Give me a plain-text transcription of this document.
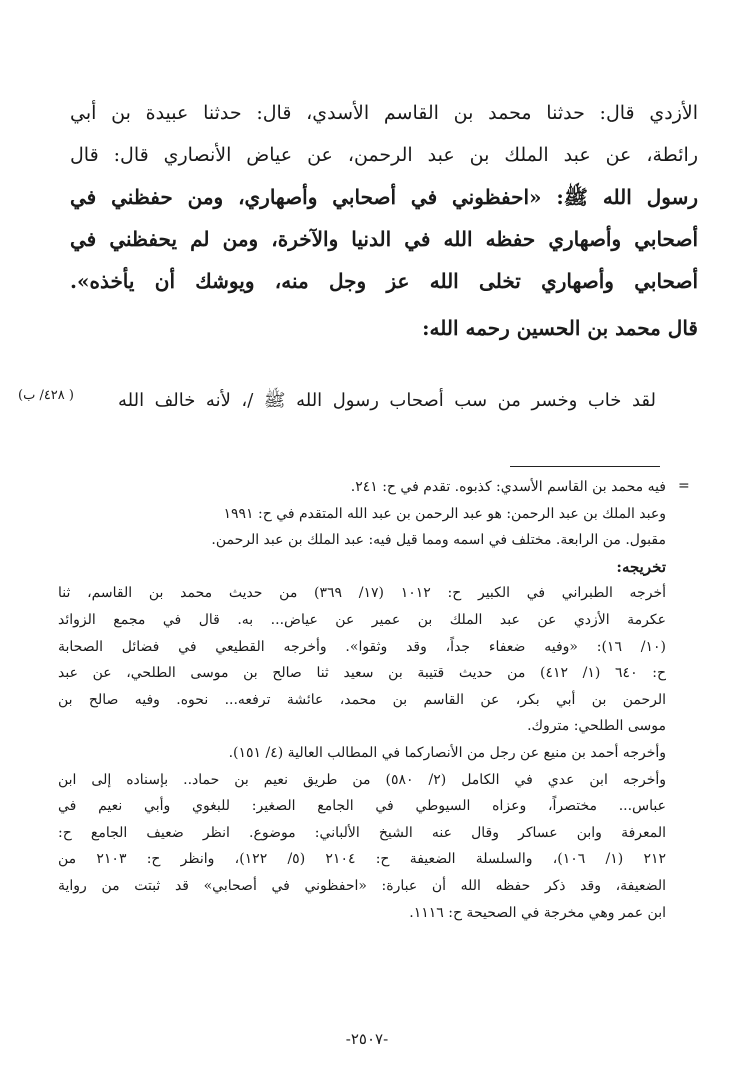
الأزدي قال: حدثنا محمد بن القاسم الأسدي، قال: حدثنا عبيدة بن أبي
رائطة، عن عبد الملك بن عبد الرحمن، عن عياض الأنصاري قال: قال
رسول الله ﷺ: «احفظوني في أصحابي وأصهاري، ومن حفظني في
أصحابي وأصهاري حفظه الله في الدنيا والآخرة، ومن لم يحفظني في
أصحابي وأصهاري تخلى الله عز وجل منه، ويوشك أن يأخذه».
قال محمد بن الحسين رحمه الله:
لقد خاب وخسر من سب أصحاب رسول الله ﷺ /، لأنه خالف الله
( ٤٢٨/ ب)
=
فيه محمد بن القاسم الأسدي: كذبوه. تقدم في ح: ٢٤١.
وعبد الملك بن عبد الرحمن: هو عبد الرحمن بن عبد الله المتقدم في ح: ١٩٩١
مقبول. من الرابعة. مختلف في اسمه ومما قيل فيه: عبد الملك بن عبد الرحمن.
تخريجه:
أخرجه الطبراني في الكبير ح: ١٠١٢ (١٧/ ٣٦٩) من حديث محمد بن القاسم، ثنا
عكرمة الأزدي عن عبد الملك بن عمير عن عياض... به. قال في مجمع الزوائد
(١٠/ ١٦): «وفيه ضعفاء جداً، وقد وثقوا». وأخرجه القطيعي في فضائل الصحابة
ح: ٦٤٠ (١/ ٤١٢) من حديث قتيبة بن سعيد ثنا صالح بن موسى الطلحي، عن عبد
الرحمن بن أبي بكر، عن القاسم بن محمد، عائشة ترفعه... نحوه. وفيه صالح بن
موسى الطلحي: متروك.
وأخرجه أحمد بن منيع عن رجل من الأنصاركما في المطالب العالية (٤/ ١٥١).
وأخرجه ابن عدي في الكامل (٢/ ٥٨٠) من طريق نعيم بن حماد.. بإسناده إلى ابن
عباس... مختصراً، وعزاه السيوطي في الجامع الصغير: للبغوي وأبي نعيم في
المعرفة وابن عساكر وقال عنه الشيخ الألباني: موضوع. انظر ضعيف الجامع ح:
٢١٢ (١/ ١٠٦)، والسلسلة الضعيفة ح: ٢١٠٤ (٥/ ١٢٢)، وانظر ح: ٢١٠٣ من
الضعيفة، وقد ذكر حفظه الله أن عبارة: «احفظوني في أصحابي» قد ثبتت من رواية
ابن عمر وهي مخرجة في الصحيحة ح: ١١١٦.
-٢٥٠٧-
